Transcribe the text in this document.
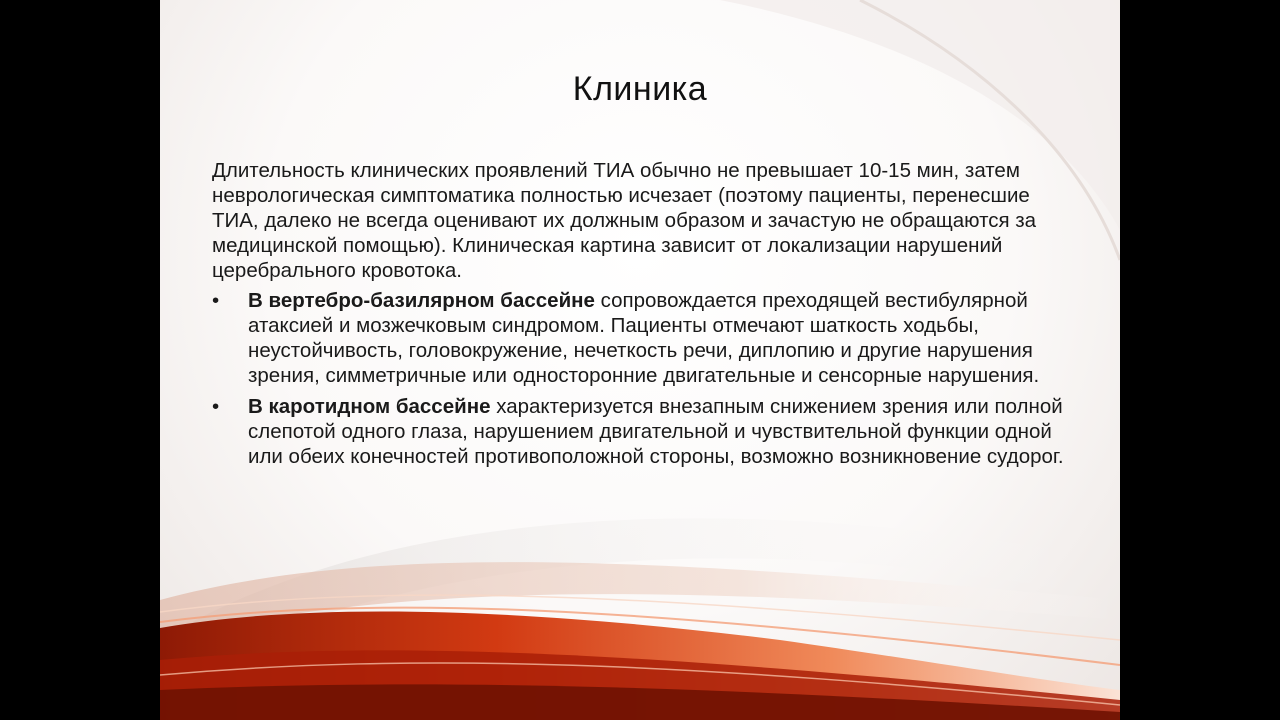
Клиника

Длительность клинических проявлений ТИА обычно не превышает 10-15 мин, затем неврологическая симптоматика полностью исчезает (поэтому пациенты, перенесшие ТИА, далеко не всегда оценивают их должным образом и зачастую не обращаются за медицинской помощью). Клиническая картина зависит от локализации нарушений церебрального кровотока.

• В вертебро-базилярном бассейне сопровождается преходящей вестибулярной атаксией и мозжечковым синдромом. Пациенты отмечают шаткость ходьбы, неустойчивость, головокружение, нечеткость речи, диплопию и другие нарушения зрения, симметричные или односторонние двигательные и сенсорные нарушения.
• В каротидном бассейне характеризуется внезапным снижением зрения или полной слепотой одного глаза, нарушением двигательной и чувствительной функции одной или обеих конечностей противоположной стороны, возможно возникновение судорог.
